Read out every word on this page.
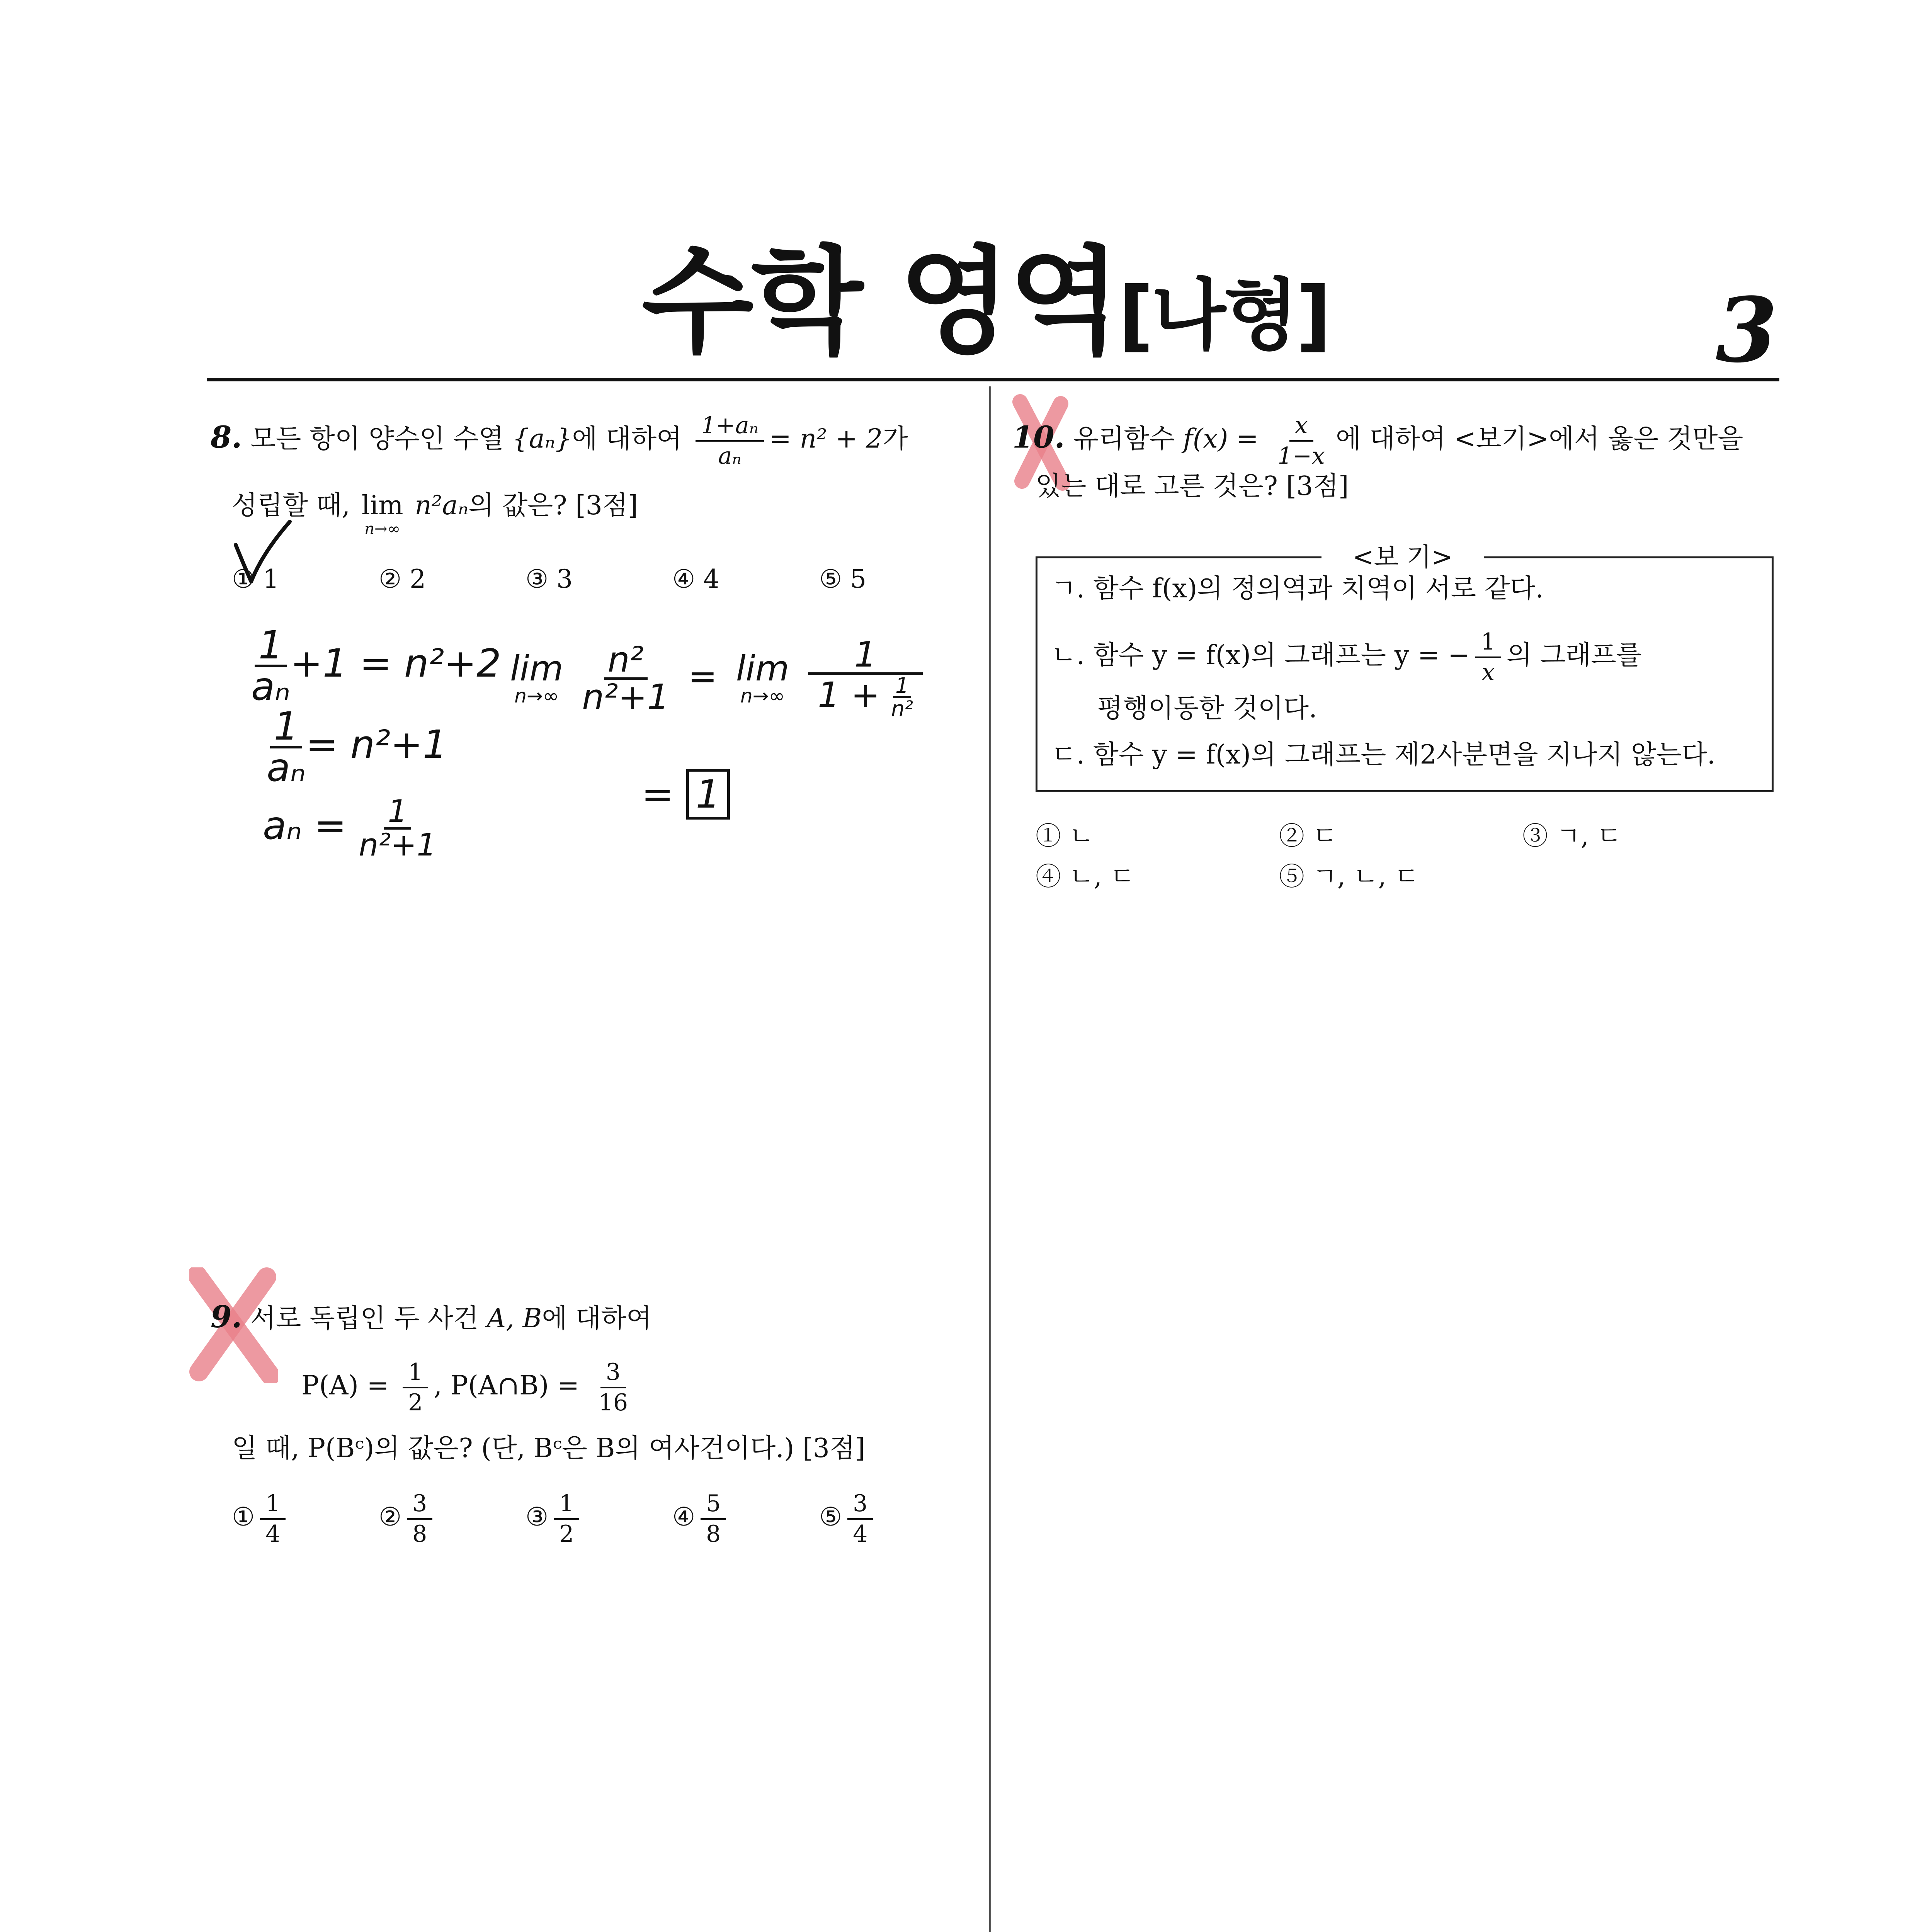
수학 영역[나형]	3
8. 모든 항이 양수인 수열 {aₙ}에 대하여 $\frac{\text{1+aₙ}}{\text{aₙ}} = n^2 + 2$가
성립할 때, lim
n→∞
n²aₙ의 값은? [3점]
① 1	② 2	③ 3	④ 4	⑤ 5
$\frac{1}{\text{aₙ}} +1 = n^2+2$
$\frac{1}{\text{aₙ}} = n^2+1$
$a_n = \frac{1}{\text{n²+1}}$
lim
n→∞
$\frac{\text{n²}}{\text{n²+1}} = \lim$
n→∞
$\frac{1}{1 + \frac{1}{\text{n²}}}$
= 1
9. 서로 독립인 두 사건 A, B에 대하여
$P(A) = \frac{1}{2}$ , P(A∩B) = $\frac{3}{16}$
일 때, P(Bᶜ)의 값은? (단, Bᶜ은 B의 여사건이다.) [3점]
① $\frac{1}{4}$	② $\frac{3}{8}$	③ $\frac{1}{2}$	④ $\frac{5}{8}$	⑤ $\frac{3}{4}$
10. 유리함수 $f(x) = \frac{x}{1-x}$ 에 대하여 <보기>에서 옳은 것만을
있는 대로 고른 것은? [3점]
<보 기>
ㄱ. 함수 f(x)의 정의역과 치역이 서로 같다.
ㄴ. 함수 y = f(x)의 그래프는 y = − $\frac{1}{x}$ 의 그래프를
평행이동한 것이다.
ㄷ. 함수 y = f(x)의 그래프는 제2사분면을 지나지 않는다.
① ㄴ	② ㄷ	③ ㄱ, ㄷ
④ ㄴ, ㄷ	⑤ ㄱ, ㄴ, ㄷ
